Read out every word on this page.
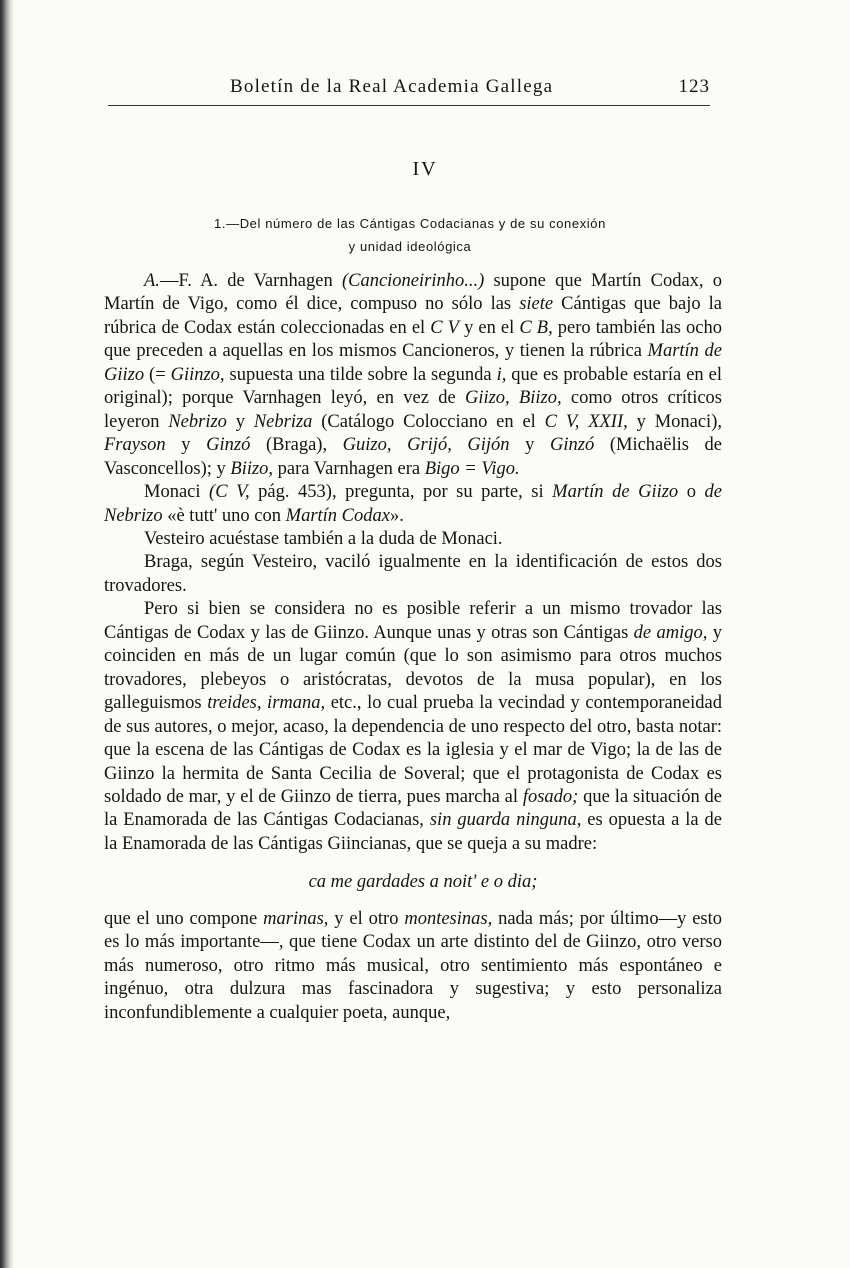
Boletín de la Real Academia Gallega	123
IV
1.—Del número de las Cántigas Codacianas y de su conexión
y unidad ideológica

A.—F. A. de Varnhagen (Cancioneirinho...) supone que Martín Codax, o Martín de Vigo, como él dice, compuso no sólo las siete Cántigas que bajo la rúbrica de Codax están coleccionadas en el C V y en el C B, pero también las ocho que preceden a aquellas en los mismos Cancioneros, y tienen la rúbrica Martín de Giizo (= Giinzo, supuesta una tilde sobre la segunda i, que es probable estaría en el original); porque Varnhagen leyó, en vez de Giizo, Biizo, como otros críticos leyeron Nebrizo y Nebriza (Catálogo Colocciano en el C V, XXII, y Monaci), Frayson y Ginzó (Braga), Guizo, Grijó, Gijón y Ginzó (Michaëlis de Vasconcellos); y Biizo, para Varnhagen era Bigo = Vigo.

Monaci (C V, pág. 453), pregunta, por su parte, si Martín de Giizo o de Nebrizo «è tutt' uno con Martín Codax».

Vesteiro acuéstase también a la duda de Monaci.

Braga, según Vesteiro, vaciló igualmente en la identificación de estos dos trovadores.

Pero si bien se considera no es posible referir a un mismo trovador las Cántigas de Codax y las de Giinzo. Aunque unas y otras son Cántigas de amigo, y coinciden en más de un lugar común (que lo son asimismo para otros muchos trovadores, plebeyos o aristócratas, devotos de la musa popular), en los galleguismos treides, irmana, etc., lo cual prueba la vecindad y contemporaneidad de sus autores, o mejor, acaso, la dependencia de uno respecto del otro, basta notar: que la escena de las Cántigas de Codax es la iglesia y el mar de Vigo; la de las de Giinzo la hermita de Santa Cecilia de Soveral; que el protagonista de Codax es soldado de mar, y el de Giinzo de tierra, pues marcha al fosado; que la situación de la Enamorada de las Cántigas Codacianas, sin guarda ninguna, es opuesta a la de la Enamorada de las Cántigas Giincianas, que se queja a su madre:

ca me gardades a noit' e o dia;

que el uno compone marinas, y el otro montesinas, nada más; por último—y esto es lo más importante—, que tiene Codax un arte distinto del de Giinzo, otro verso más numeroso, otro ritmo más musical, otro sentimiento más espontáneo e ingénuo, otra dulzura mas fascinadora y sugestiva; y esto personaliza inconfundiblemente a cualquier poeta, aunque,
